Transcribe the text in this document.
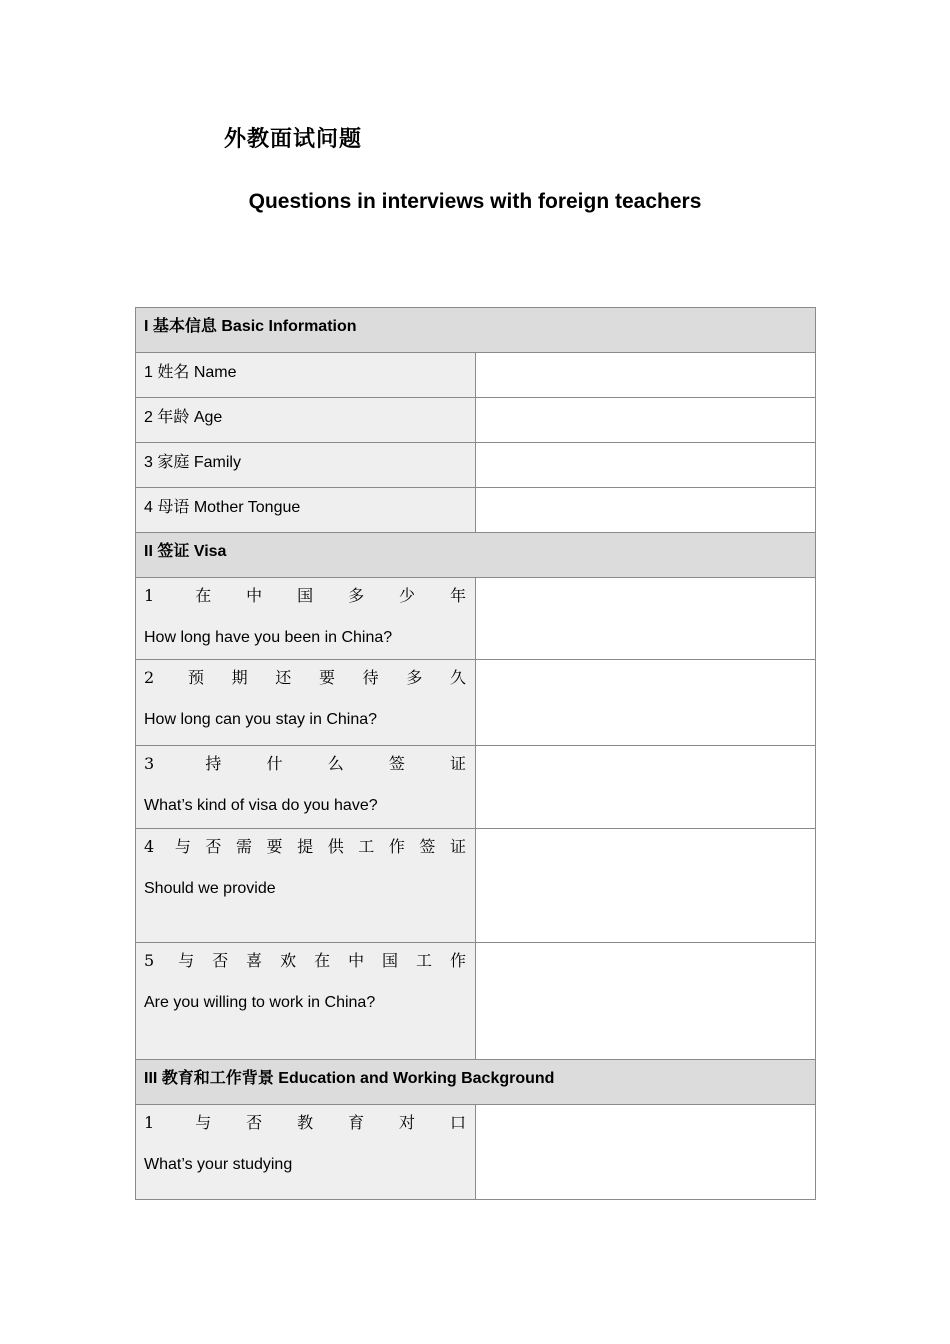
外教面试问题
Questions in interviews with foreign teachers
I 基本信息 Basic Information	

1 姓名 Name	

2 年龄 Age	

3 家庭 Family	

4 母语 Mother Tongue	

II 签证 Visa	

1 在中国多少年
How long have you been in China?	

2 预期还要待多久
How long can you stay in China?	

3 持什么签证
What’s kind of visa do you have?	

4 与否需要提供工作签证
Should we provide	

5 与否喜欢在中国工作
Are you willing to work in China?	

III 教育和工作背景 Education and Working Background	

1 与否教育对口
What’s your studying	
